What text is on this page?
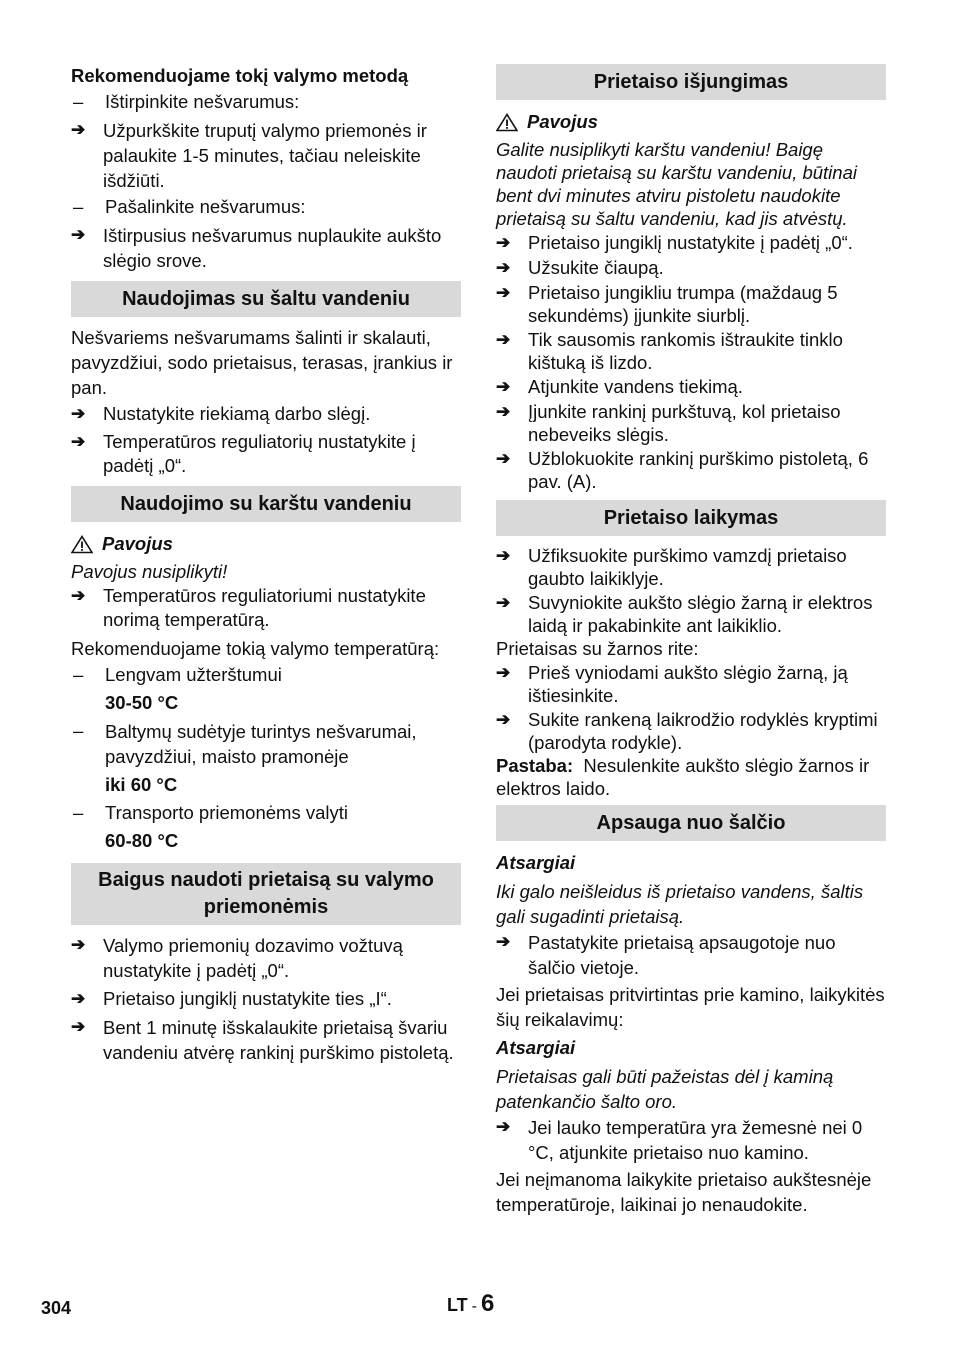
Rekomenduojame tokį valymo metodą
–	Ištirpinkite nešvarumus:
➔ Užpurkškite truputį valymo priemonės ir palaukite 1-5 minutes, tačiau neleiskite išdžiūti.
–	Pašalinkite nešvarumus:
➔ Ištirpusius nešvarumus nuplaukite aukšto slėgio srove.
Naudojimas su šaltu vandeniu

Nešvariems nešvarumams šalinti ir skalauti, pavyzdžiui, sodo prietaisus, terasas, įrankius ir pan.

➔ Nustatykite riekiamą darbo slėgį.
➔ Temperatūros reguliatorių nustatykite į padėtį „0“.
Naudojimo su karštu vandeniu
Pavojus

Pavojus nusiplikyti!

➔ Temperatūros reguliatoriumi nustatykite norimą temperatūrą.

Rekomenduojame tokią valymo temperatūrą:

–	Lengvam užterštumui
30-50 °C
–	Baltymų sudėtyje turintys nešvarumai, pavyzdžiui, maisto pramonėje
iki 60 °C
–	Transporto priemonėms valyti
60-80 °C
Baigus naudoti prietaisą su valymo priemonėmis
➔ Valymo priemonių dozavimo vožtuvą nustatykite į padėtį „0“.
➔ Prietaiso jungiklį nustatykite ties „I“.
➔ Bent 1 minutę išskalaukite prietaisą švariu vandeniu atvėrę rankinį purškimo pistoletą.
Prietaiso išjungimas
Pavojus

Galite nusiplikyti karštu vandeniu! Baigę naudoti prietaisą su karštu vandeniu, būtinai bent dvi minutes atviru pistoletu naudokite prietaisą su šaltu vandeniu, kad jis atvėstų.

➔ Prietaiso jungiklį nustatykite į padėtį „0“.
➔ Užsukite čiaupą.
➔ Prietaiso jungikliu trumpa (maždaug 5 sekundėms) įjunkite siurblį.
➔ Tik sausomis rankomis ištraukite tinklo kištuką iš lizdo.
➔ Atjunkite vandens tiekimą.
➔ Įjunkite rankinį purkštuvą, kol prietaiso nebeveiks slėgis.
➔ Užblokuokite rankinį purškimo pistoletą, 6 pav. (A).
Prietaiso laikymas
➔ Užfiksuokite purškimo vamzdį prietaiso gaubto laikiklyje.
➔ Suvyniokite aukšto slėgio žarną ir elektros laidą ir pakabinkite ant laikiklio.

Prietaisas su žarnos rite:

➔ Prieš vyniodami aukšto slėgio žarną, ją ištiesinkite.
➔ Sukite rankeną laikrodžio rodyklės kryptimi (parodyta rodykle).

Pastaba: Nesulenkite aukšto slėgio žarnos ir elektros laido.

Apsauga nuo šalčio

Atsargiai

Iki galo neišleidus iš prietaiso vandens, šaltis gali sugadinti prietaisą.

➔ Pastatykite prietaisą apsaugotoje nuo šalčio vietoje.

Jei prietaisas pritvirtintas prie kamino, laikykitės šių reikalavimų:

Atsargiai

Prietaisas gali būti pažeistas dėl į kaminą patenkančio šalto oro.

➔ Jei lauko temperatūra yra žemesnė nei 0 °C, atjunkite prietaiso nuo kamino.

Jei neįmanoma laikykite prietaiso aukštesnėje temperatūroje, laikinai jo nenaudokite.

304	LT - 6
